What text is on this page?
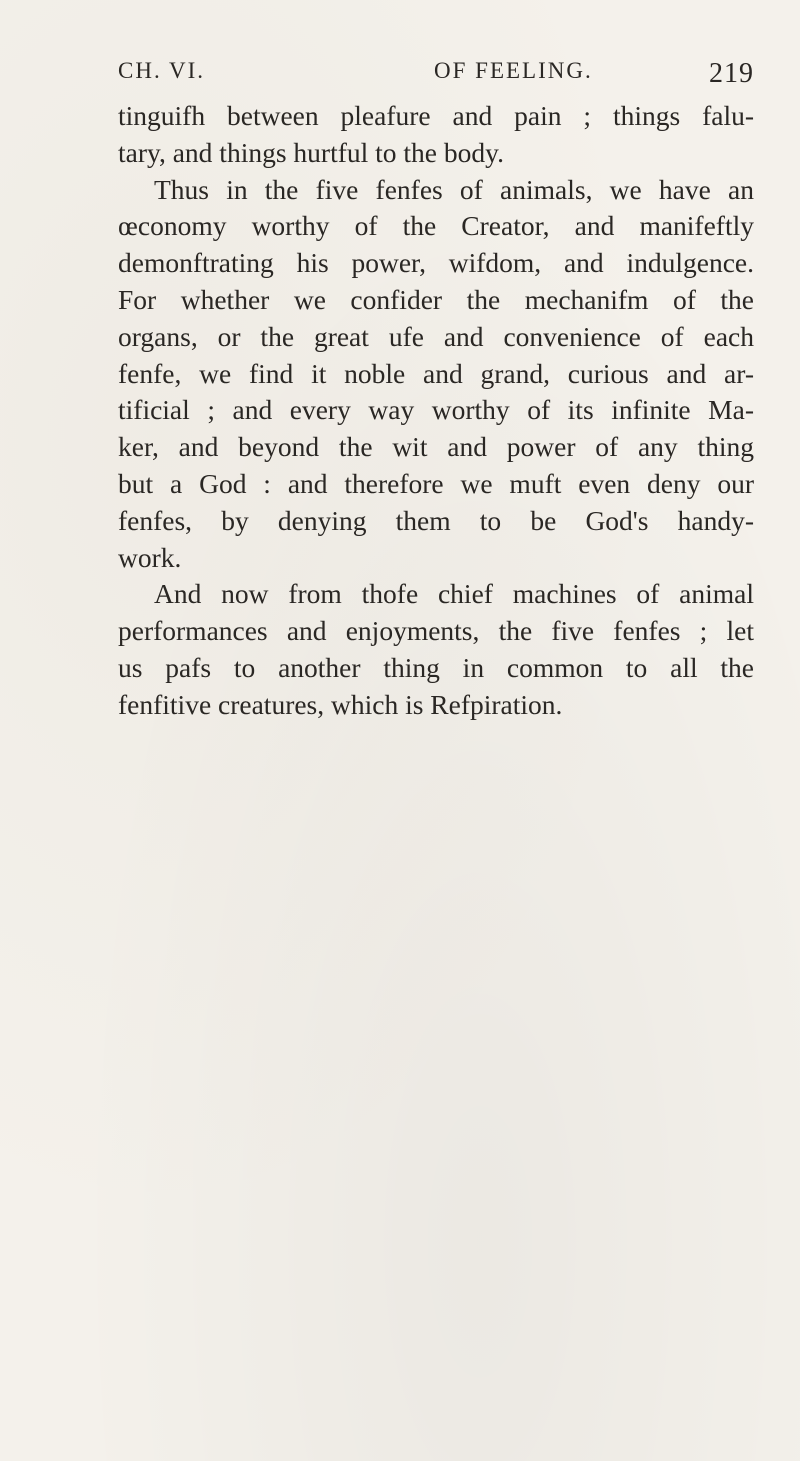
CH. VI.	OF FEELING.	219
tinguifh between pleafure and pain ; things falu-
tary, and things hurtful to the body.
Thus in the five fenfes of animals, we have an
œconomy worthy of the Creator, and manifeftly
demonftrating his power, wifdom, and indulgence.
For whether we confider the mechanifm of the
organs, or the great ufe and convenience of each
fenfe, we find it noble and grand, curious and ar-
tificial ; and every way worthy of its infinite Ma-
ker, and beyond the wit and power of any thing
but a God : and therefore we muft even deny our
fenfes, by denying them to be God's handy-
work.
And now from thofe chief machines of animal
performances and enjoyments, the five fenfes ; let
us pafs to another thing in common to all the
fenfitive creatures, which is Refpiration.
